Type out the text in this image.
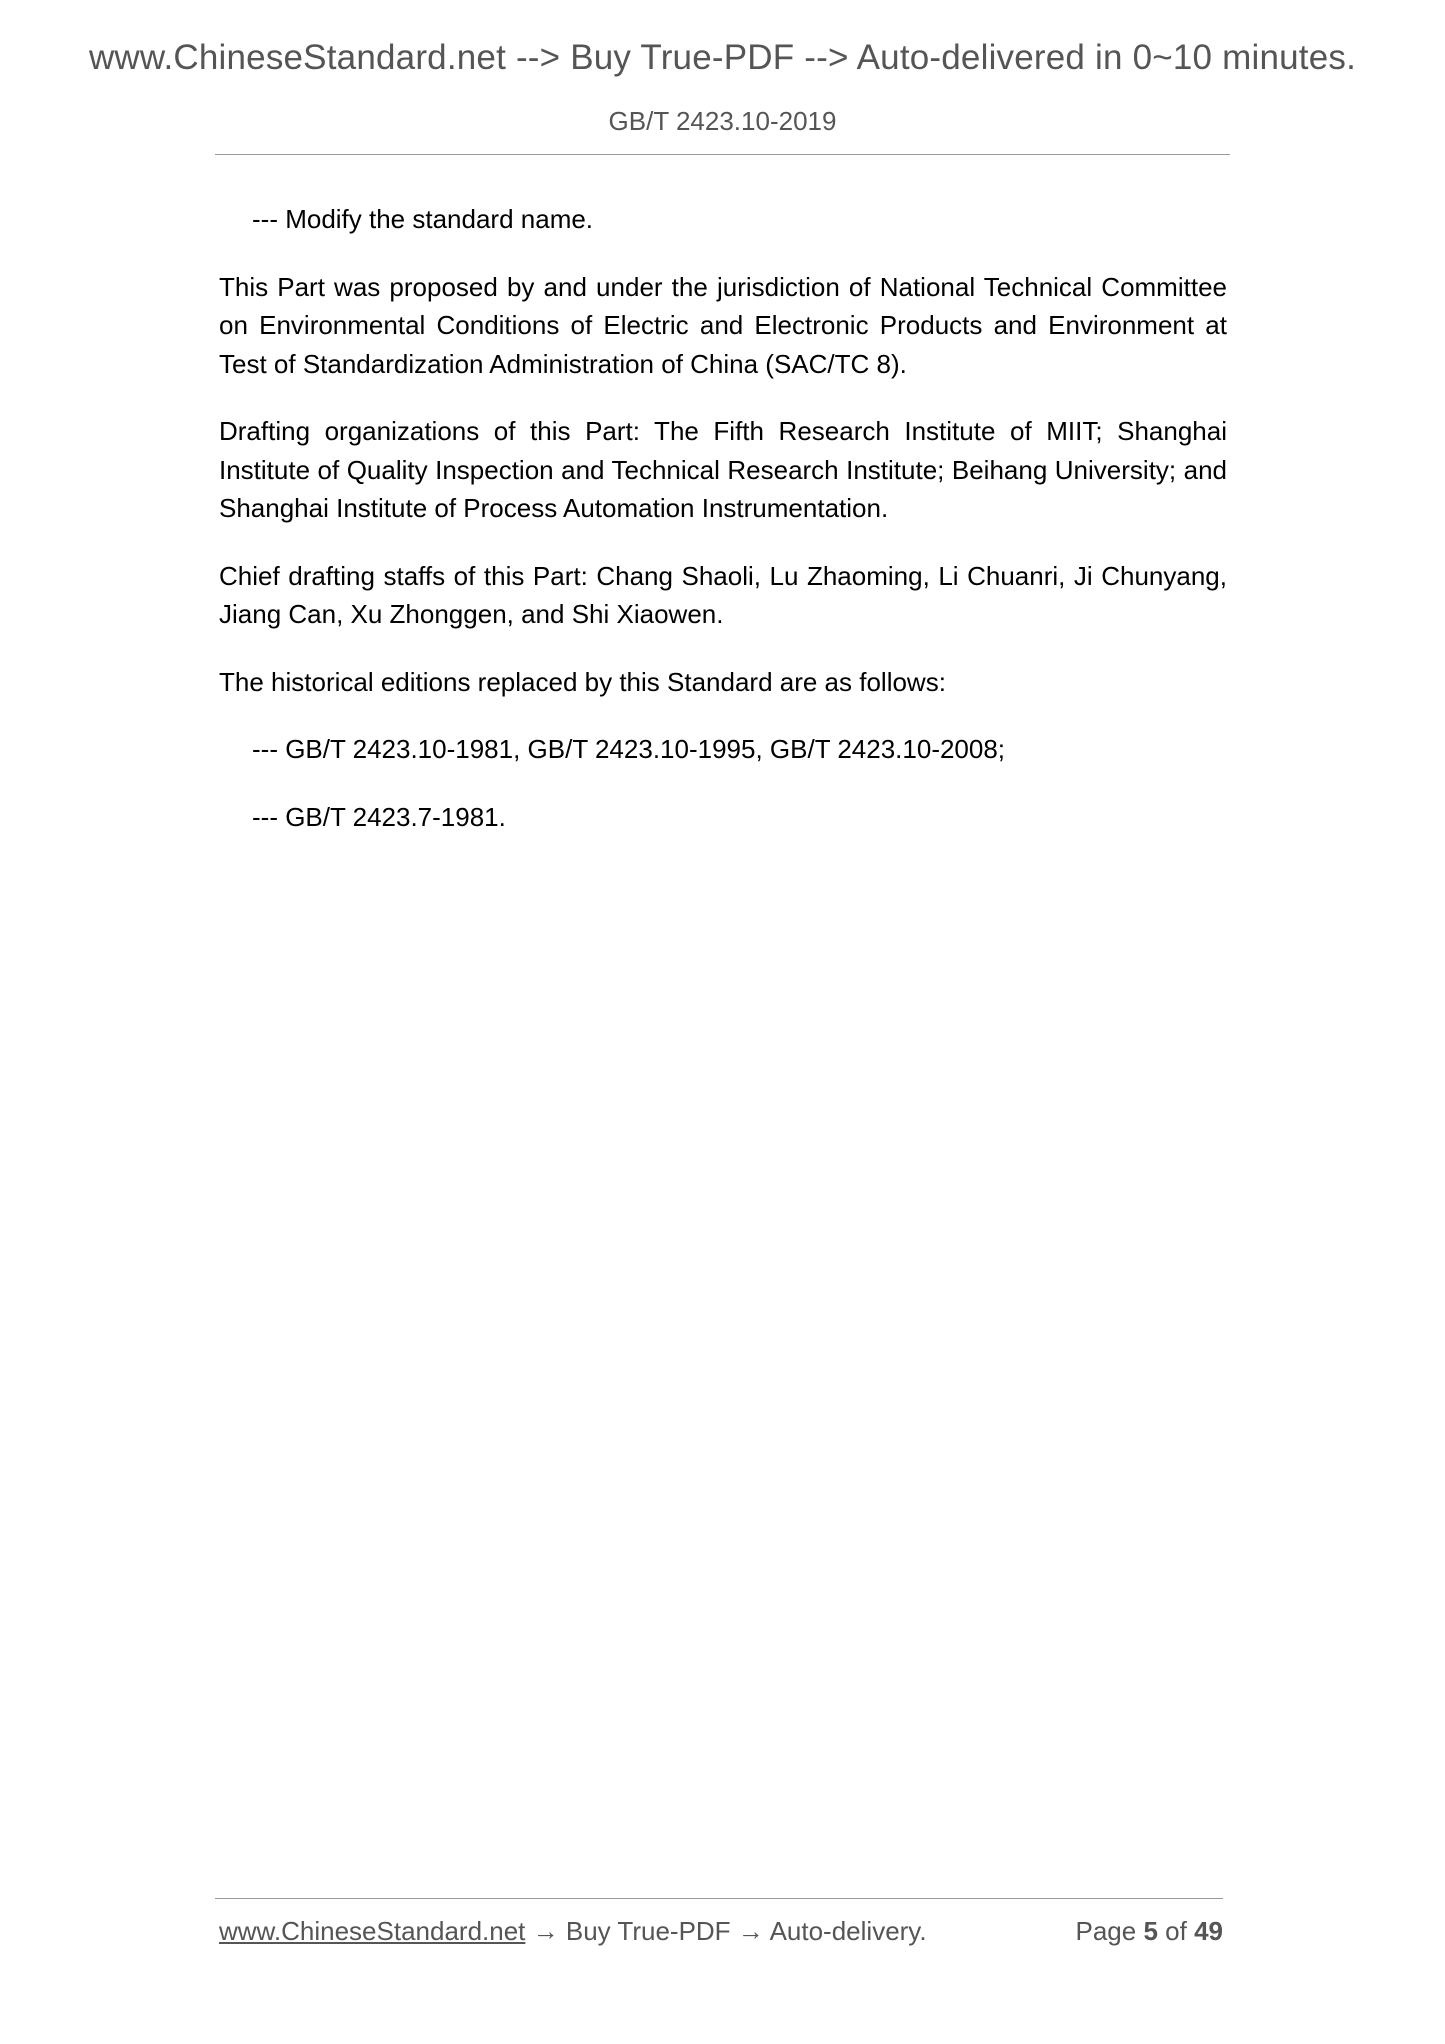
www.ChineseStandard.net --> Buy True-PDF --> Auto-delivered in 0~10 minutes.
GB/T 2423.10-2019

--- Modify the standard name.

This Part was proposed by and under the jurisdiction of National Technical Committee on Environmental Conditions of Electric and Electronic Products and Environment at Test of Standardization Administration of China (SAC/TC 8).

Drafting organizations of this Part: The Fifth Research Institute of MIIT; Shanghai Institute of Quality Inspection and Technical Research Institute; Beihang University; and Shanghai Institute of Process Automation Instrumentation.

Chief drafting staffs of this Part: Chang Shaoli, Lu Zhaoming, Li Chuanri, Ji Chunyang, Jiang Can, Xu Zhonggen, and Shi Xiaowen.

The historical editions replaced by this Standard are as follows:

--- GB/T 2423.10-1981, GB/T 2423.10-1995, GB/T 2423.10-2008;

--- GB/T 2423.7-1981.

www.ChineseStandard.net → Buy True-PDF → Auto-delivery.	Page 5 of 49
